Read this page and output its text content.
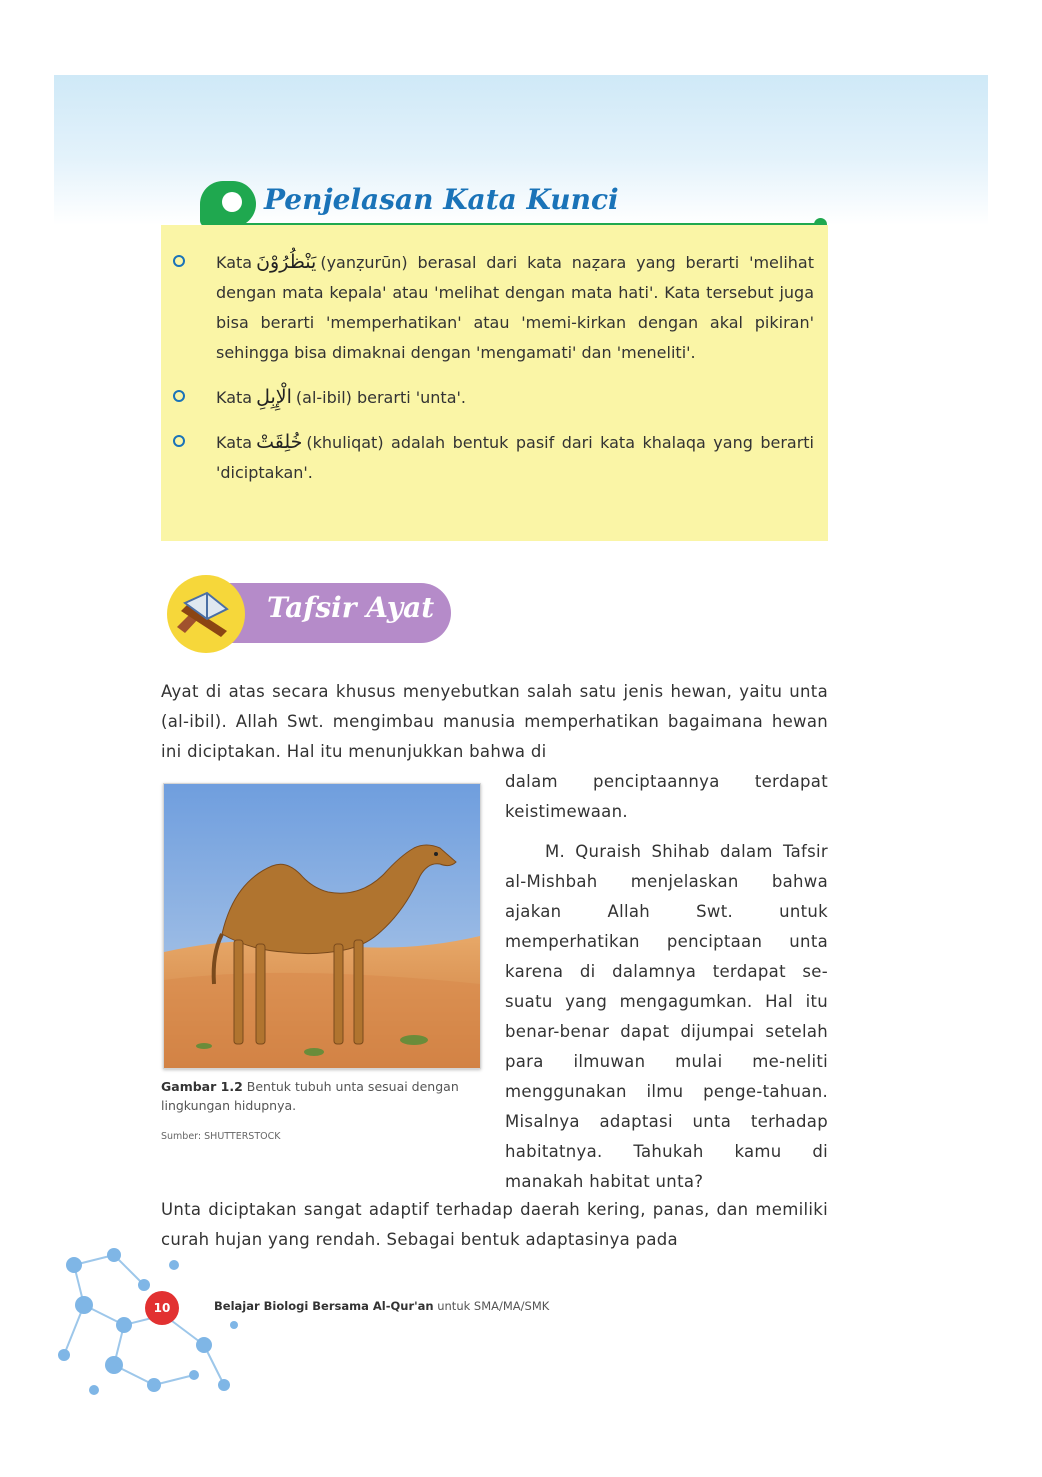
Penjelasan Kata Kunci
Kata يَنْظُرُوْنَ (yanẓurūn) berasal dari kata naẓara yang berarti 'melihat dengan mata kepala' atau 'melihat dengan mata hati'. Kata tersebut juga bisa berarti 'memperhatikan' atau 'memi-kirkan dengan akal pikiran' sehingga bisa dimaknai dengan 'mengamati' dan 'meneliti'.
Kata الْإِبِلِ (al-ibil) berarti 'unta'.
Kata خُلِقَتْ (khuliqat) adalah bentuk pasif dari kata khalaqa yang berarti 'diciptakan'.
Tafsir Ayat

Ayat di atas secara khusus menyebutkan salah satu jenis hewan, yaitu unta (al-ibil). Allah Swt. mengimbau manusia memperhatikan bagaimana hewan ini diciptakan. Hal itu menunjukkan bahwa di

dalam penciptaannya terdapat keistimewaan.

M. Quraish Shihab dalam Tafsir al-Mishbah menjelaskan bahwa ajakan Allah Swt. untuk memperhatikan penciptaan unta karena di dalamnya terdapat se-suatu yang mengagumkan. Hal itu benar-benar dapat dijumpai setelah para ilmuwan mulai me-neliti menggunakan ilmu penge-tahuan. Misalnya adaptasi unta terhadap habitatnya. Tahukah kamu di manakah habitat unta?

Unta diciptakan sangat adaptif terhadap daerah kering, panas, dan memiliki curah hujan yang rendah. Sebagai bentuk adaptasinya pada

Gambar 1.2 Bentuk tubuh unta sesuai dengan lingkungan hidupnya.
Sumber: SHUTTERSTOCK
10	Belajar Biologi Bersama Al-Qur'an untuk SMA/MA/SMK
